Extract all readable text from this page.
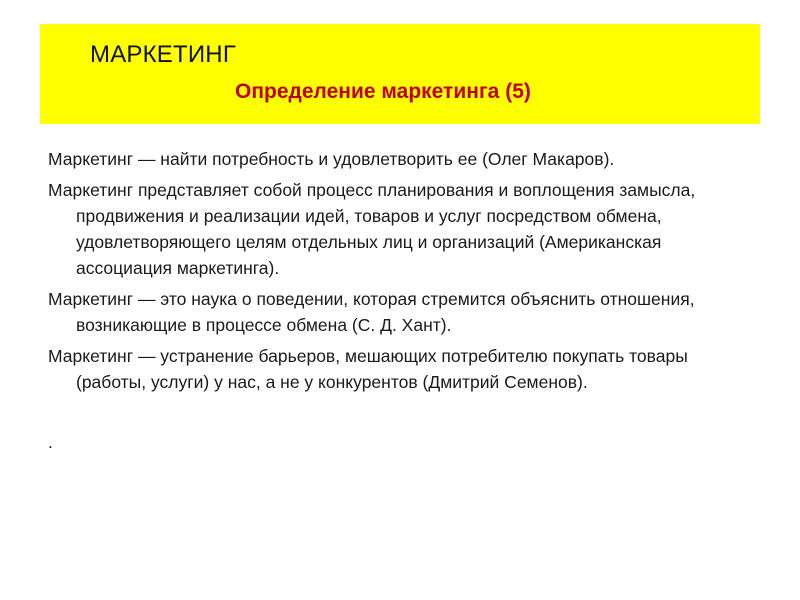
МАРКЕТИНГ
Определение маркетинга (5)
Маркетинг — найти потребность и удовлетворить ее (Олег Макаров).
Маркетинг представляет собой процесс планирования и воплощения замысла, продвижения и реализации идей, товаров и услуг посредством обмена, удовлетворяющего целям отдельных лиц и организаций (Американская ассоциация маркетинга).
Маркетинг — это наука о поведении, которая стремится объяснить отношения, возникающие в процессе обмена (С. Д. Хант).
Маркетинг — устранение барьеров, мешающих потребителю покупать товары (работы, услуги) у нас, а не у конкурентов (Дмитрий Семенов).

.
